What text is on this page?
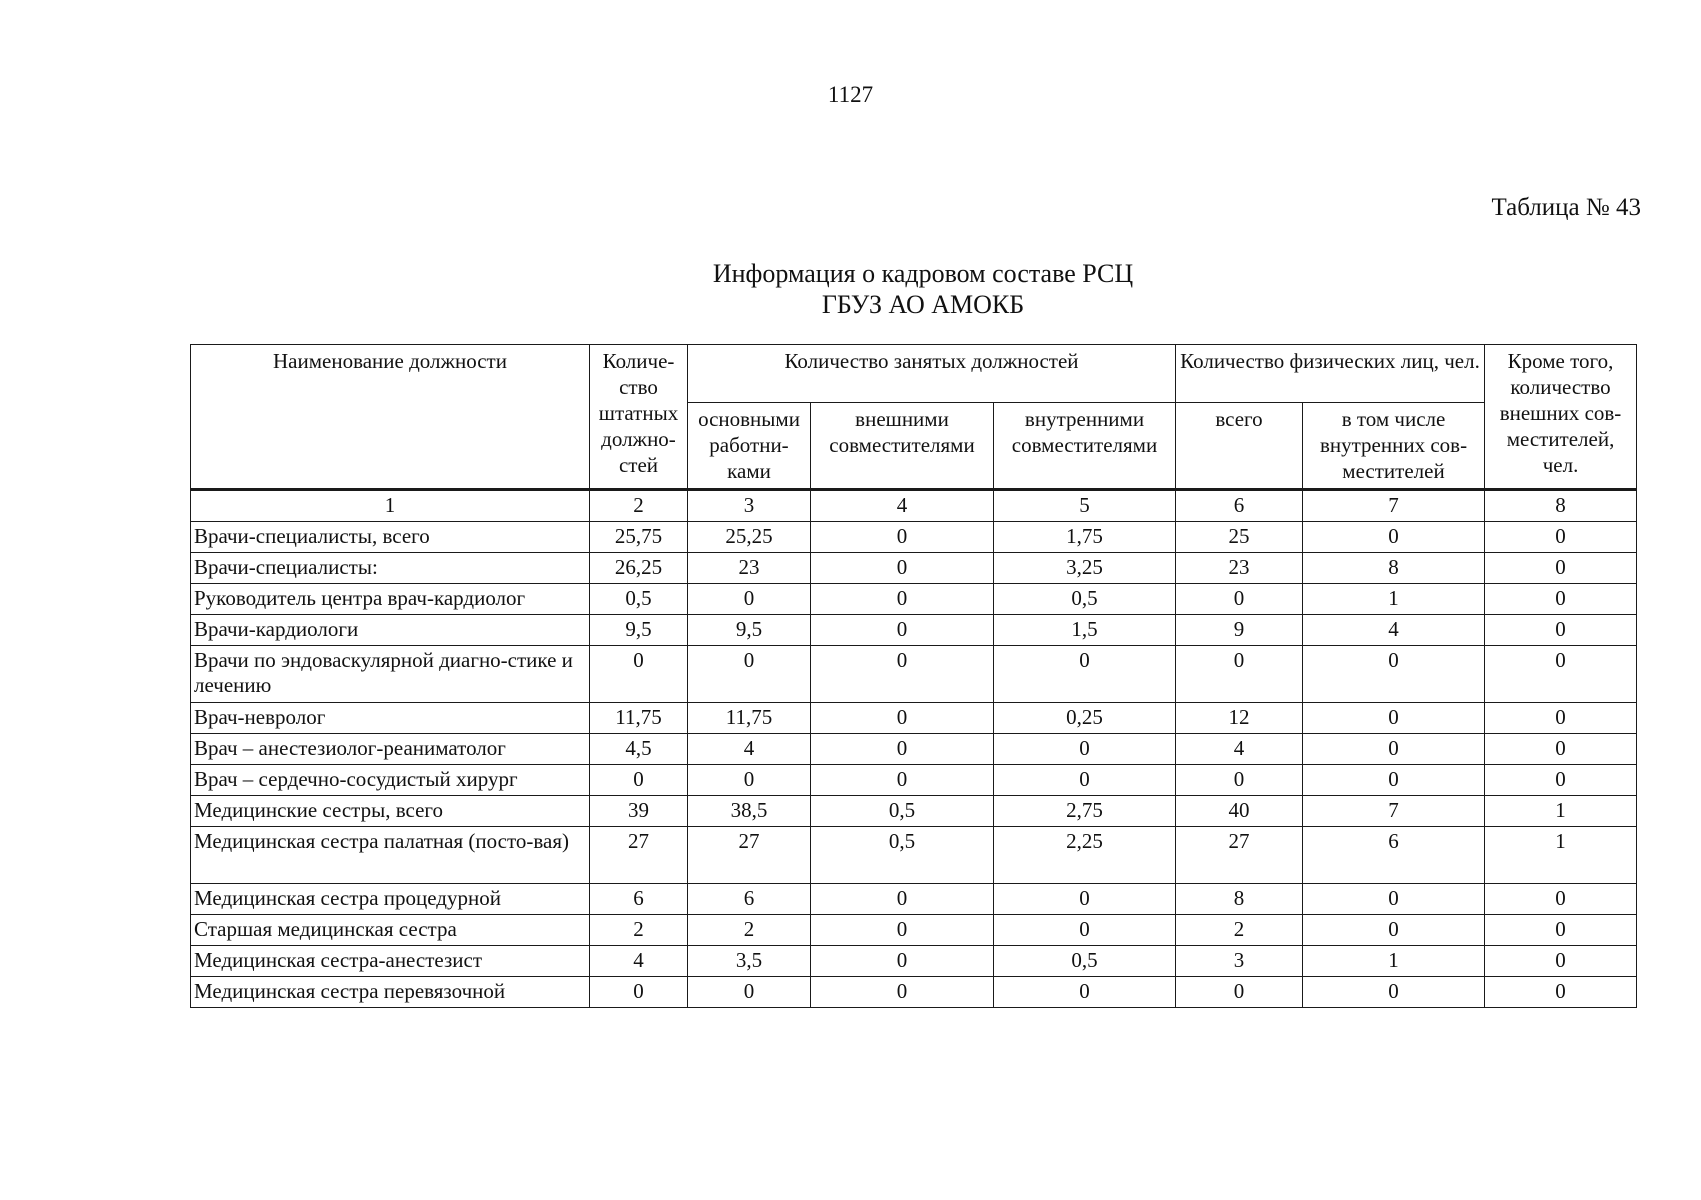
1127
Таблица № 43
Информация о кадровом составе РСЦ
ГБУЗ АО АМОКБ
Наименование должности	Количе-ство штатных должно-стей	Количество занятых должностей			Количество физических лиц, чел.		Кроме того, количество внешних сов-местителей, чел.
		основными работни-ками	внешними совместителями	внутренними совместителями	всего	в том числе внутренних сов-местителей	
1	2	3	4	5	6	7	8
Врачи-специалисты, всего	25,75	25,25	0	1,75	25	0	0
Врачи-специалисты:	26,25	23	0	3,25	23	8	0
Руководитель центра врач-кардиолог	0,5	0	0	0,5	0	1	0
Врачи-кардиологи	9,5	9,5	0	1,5	9	4	0
Врачи по эндоваскулярной диагно-стике и лечению	0	0	0	0	0	0	0
Врач-невролог	11,75	11,75	0	0,25	12	0	0
Врач – анестезиолог-реаниматолог	4,5	4	0	0	4	0	0
Врач – сердечно-сосудистый хирург	0	0	0	0	0	0	0
Медицинские сестры, всего	39	38,5	0,5	2,75	40	7	1
Медицинская сестра палатная (посто-вая)	27	27	0,5	2,25	27	6	1
Медицинская сестра процедурной	6	6	0	0	8	0	0
Старшая медицинская сестра	2	2	0	0	2	0	0
Медицинская сестра-анестезист	4	3,5	0	0,5	3	1	0
Медицинская сестра перевязочной	0	0	0	0	0	0	0
